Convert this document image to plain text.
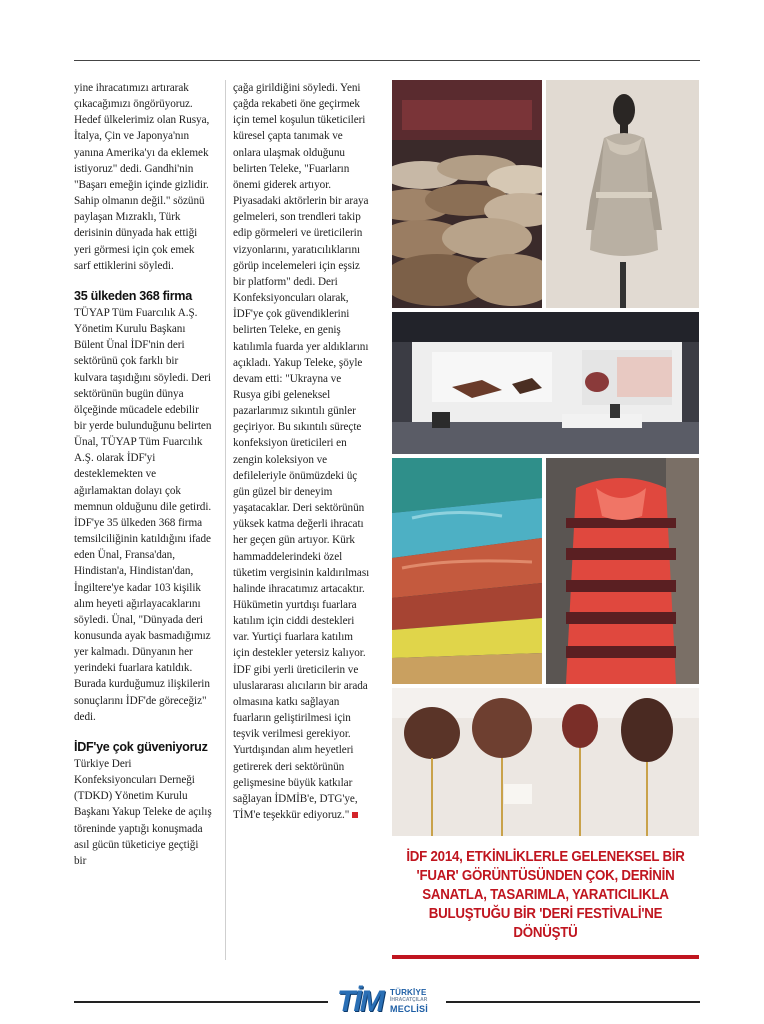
yine ihracatımızı artırarak çıkacağımızı öngörüyoruz. Hedef ülkelerimiz olan Rusya, İtalya, Çin ve Japonya'nın yanına Amerika'yı da eklemek istiyoruz" dedi. Gandhi'nin "Başarı emeğin içinde gizlidir. Sahip olmanın değil." sözünü paylaşan Mızraklı, Türk derisinin dünyada hak ettiği yeri görmesi için çok emek sarf ettiklerini söyledi.

35 ülkeden 368 firma

TÜYAP Tüm Fuarcılık A.Ş. Yönetim Kurulu Başkanı Bülent Ünal İDF'nin deri sektörünü çok farklı bir kulvara taşıdığını söyledi. Deri sektörünün bugün dünya ölçeğinde mücadele edebilir bir yerde bulunduğunu belirten Ünal, TÜYAP Tüm Fuarcılık A.Ş. olarak İDF'yi desteklemekten ve ağırlamaktan dolayı çok memnun olduğunu dile getirdi. İDF'ye 35 ülkeden 368 firma temsilciliğinin katıldığını ifade eden Ünal, Fransa'dan, Hindistan'a, Hindistan'dan, İngiltere'ye kadar 103 kişilik alım heyeti ağırlayacaklarını söyledi. Ünal, "Dünyada deri konusunda ayak basmadığımız yer kalmadı. Dünyanın her yerindeki fuarlara katıldık. Burada kurduğumuz ilişkilerin sonuçlarını İDF'de göreceğiz" dedi.

İDF'ye çok güveniyoruz

Türkiye Deri Konfeksiyoncuları Derneği (TDKD) Yönetim Kurulu Başkanı Yakup Teleke de açılış töreninde yaptığı konuşmada asıl gücün tüketiciye geçtiği bir

çağa girildiğini söyledi. Yeni çağda rekabeti öne geçirmek için temel koşulun tüketicileri küresel çapta tanımak ve onlara ulaşmak olduğunu belirten Teleke, "Fuarların önemi giderek artıyor. Piyasadaki aktörlerin bir araya gelmeleri, son trendleri takip edip görmeleri ve üreticilerin vizyonlarını, yaratıcılıklarını görüp incelemeleri için eşsiz bir platform" dedi. Deri Konfeksiyoncuları olarak, İDF'ye çok güvendiklerini belirten Teleke, en geniş katılımla fuarda yer aldıklarını açıkladı. Yakup Teleke, şöyle devam etti: "Ukrayna ve Rusya gibi geleneksel pazarlarımız sıkıntılı günler geçiriyor. Bu sıkıntılı süreçte konfeksiyon üreticileri en zengin koleksiyon ve defileleriyle önümüzdeki üç gün güzel bir deneyim yaşatacaklar. Deri sektörünün yüksek katma değerli ihracatı her geçen gün artıyor. Kürk hammaddelerindeki özel tüketim vergisinin kaldırılması halinde ihracatımız artacaktır. Hükümetin yurtdışı fuarlara katılım için ciddi destekleri var. Yurtiçi fuarlara katılım için destekler yetersiz kalıyor. İDF gibi yerli üreticilerin ve uluslararası alıcıların bir arada olmasına katkı sağlayan fuarların geliştirilmesi için teşvik verilmesi gerekiyor. Yurtdışından alım heyetleri getirerek deri sektörünün gelişmesine büyük katkılar sağlayan İDMİB'e, DTG'ye, TİM'e teşekkür ediyoruz."

İDF 2014, ETKİNLİKLERLE GELENEKSEL BİR 'FUAR' GÖRÜNTÜSÜNDEN ÇOK, DERİNİN SANATLA, TASARIMLA, YARATICILIKLA BULUŞTUĞU BİR 'DERİ FESTİVALİ'NE DÖNÜŞTÜ
TİM TÜRKİYE
İHRACATÇILAR
MECLİSİ
